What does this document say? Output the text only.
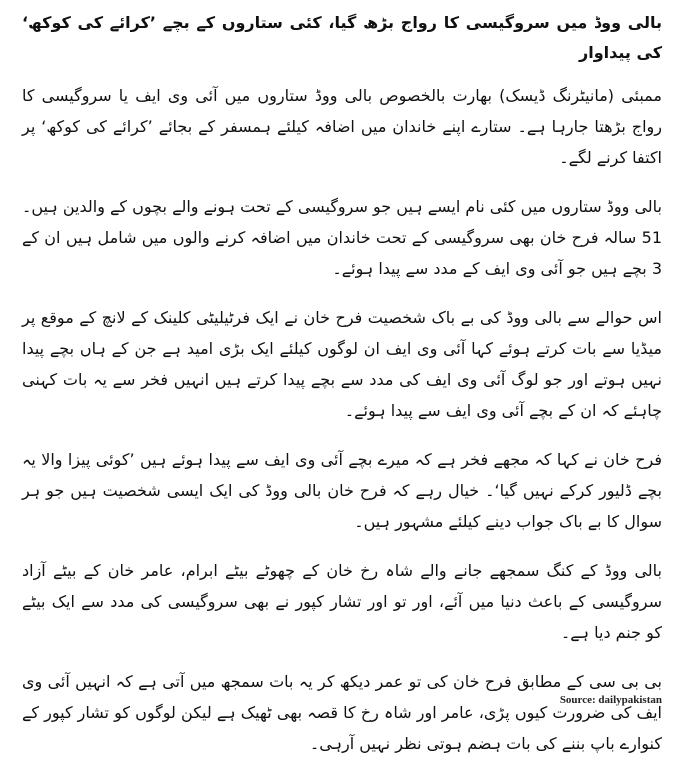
بالی ووڈ میں سروگیسی کا رواج بڑھ گیا، کئی ستاروں کے بچے ’کرائے کی کوکھ‘ کی پیداوار

ممبئی (مانیٹرنگ ڈیسک) بھارت بالخصوص بالی ووڈ ستاروں میں آئی وی ایف یا سروگیسی کا رواج بڑھتا جارہا ہے۔ ستارے اپنے خاندان میں اضافہ کیلئے ہمسفر کے بجائے ’کرائے کی کوکھ‘ پر اکتفا کرنے لگے۔

بالی ووڈ ستاروں میں کئی نام ایسے ہیں جو سروگیسی کے تحت ہونے والے بچوں کے والدین ہیں۔ 51 سالہ فرح خان بھی سروگیسی کے تحت خاندان میں اضافہ کرنے والوں میں شامل ہیں ان کے 3 بچے ہیں جو آئی وی ایف کے مدد سے پیدا ہوئے۔

اس حوالے سے بالی ووڈ کی بے باک شخصیت فرح خان نے ایک فرٹیلیٹی کلینک کے لانچ کے موقع پر میڈیا سے بات کرتے ہوئے کہا آئی وی ایف ان لوگوں کیلئے ایک بڑی امید ہے جن کے ہاں بچے پیدا نہیں ہوتے اور جو لوگ آئی وی ایف کی مدد سے بچے پیدا کرتے ہیں انہیں فخر سے یہ بات کہنی چاہئے کہ ان کے بچے آئی وی ایف سے پیدا ہوئے۔

فرح خان نے کہا کہ مجھے فخر ہے کہ میرے بچے آئی وی ایف سے پیدا ہوئے ہیں ’کوئی پیزا والا یہ بچے ڈلیور کرکے نہیں گیا‘۔ خیال رہے کہ فرح خان بالی ووڈ کی ایک ایسی شخصیت ہیں جو ہر سوال کا بے باک جواب دینے کیلئے مشہور ہیں۔

بالی ووڈ کے کنگ سمجھے جانے والے شاہ رخ خان کے چھوٹے بیٹے ابرام، عامر خان کے بیٹے آزاد سروگیسی کے باعث دنیا میں آئے، اور تو اور تشار کپور نے بھی سروگیسی کی مدد سے ایک بیٹے کو جنم دیا ہے۔

بی بی سی کے مطابق فرح خان کی تو عمر دیکھ کر یہ بات سمجھ میں آتی ہے کہ انہیں آئی وی ایف کی ضرورت کیوں پڑی، عامر اور شاہ رخ کا قصہ بھی ٹھیک ہے لیکن لوگوں کو تشار کپور کے کنوارے باپ بننے کی بات ہضم ہوتی نظر نہیں آرہی۔

Source: dailypakistan
